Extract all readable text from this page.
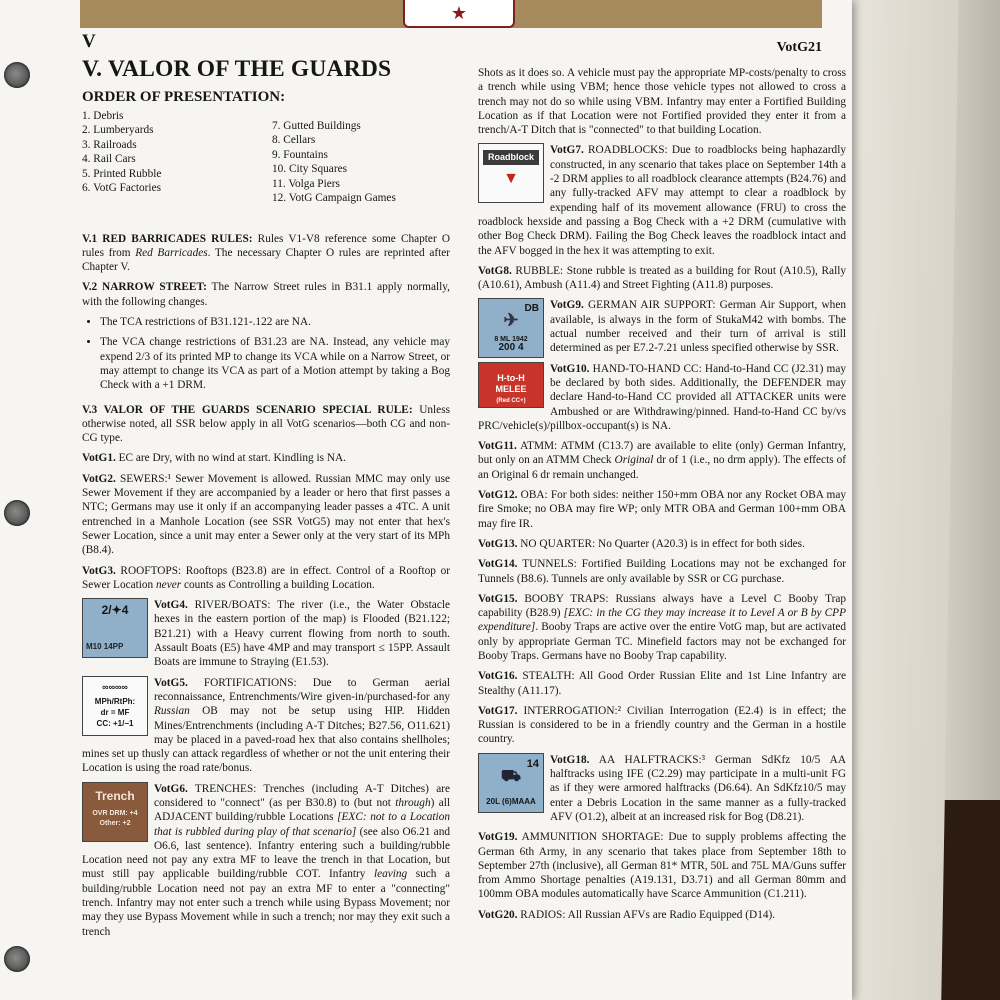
★
VotG21
V
V. VALOR OF THE GUARDS
ORDER OF PRESENTATION:
1. Debris
2. Lumberyards
3. Railroads
4. Rail Cars
5. Printed Rubble
6. VotG Factories
7. Gutted Buildings
8. Cellars
9. Fountains
10. City Squares
11. Volga Piers
12. VotG Campaign Games

V.1 RED BARRICADES RULES: Rules V1-V8 reference some Chapter O rules from Red Barricades. The necessary Chapter O rules are reprinted after Chapter V.

V.2 NARROW STREET: The Narrow Street rules in B31.1 apply normally, with the following changes.

• The TCA restrictions of B31.121-.122 are NA.
• The VCA change restrictions of B31.23 are NA. Instead, any vehicle may expend 2/3 of its printed MP to change its VCA while on a Narrow Street, or may attempt to change its VCA as part of a Motion attempt by taking a Bog Check with a +1 DRM.

V.3 VALOR OF THE GUARDS SCENARIO SPECIAL RULE: Unless otherwise noted, all SSR below apply in all VotG scenarios—both CG and non-CG type.

VotG1. EC are Dry, with no wind at start. Kindling is NA.

VotG2. SEWERS:¹ Sewer Movement is allowed. Russian MMC may only use Sewer Movement if they are accompanied by a leader or hero that first passes a NTC; Germans may use it only if an accompanying leader passes a 4TC. A unit entrenched in a Manhole Location (see SSR VotG5) may not enter that hex's Sewer Location, since a unit may enter a Sewer only at the very start of its MPh (B8.4).

VotG3. ROOFTOPS: Rooftops (B23.8) are in effect. Control of a Rooftop or Sewer Location never counts as Controlling a building Location.

2/✦4
M10 14PP
VotG4. RIVER/BOATS: The river (i.e., the Water Obstacle hexes in the eastern portion of the map) is Flooded (B21.122; B21.21) with a Heavy current flowing from north to south. Assault Boats (E5) have 4MP and may transport ≤ 15PP. Assault Boats are immune to Straying (E1.53).

∞∞∞∞
MPh/RtPh:
dr = MF
CC: +1/−1
VotG5. FORTIFICATIONS: Due to German aerial reconnaissance, Entrenchments/Wire given-in/purchased-for any Russian OB may not be setup using HIP. Hidden Mines/Entrenchments (including A-T Ditches; B27.56, O11.621) may be placed in a paved-road hex that also contains shellholes; mines set up thusly can attack regardless of whether or not the unit entering their Location is using the road rate/bonus.

Trench
OVR DRM: +4
Other: +2
VotG6. TRENCHES: Trenches (including A-T Ditches) are considered to "connect" (as per B30.8) to (but not through) all ADJACENT building/rubble Locations [EXC: not to a Location that is rubbled during play of that scenario] (see also O6.21 and O6.6, last sentence). Infantry entering such a building/rubble Location need not pay any extra MF to leave the trench in that Location, but must still pay applicable building/rubble COT. Infantry leaving such a building/rubble Location need not pay an extra MF to enter a "connecting" trench. Infantry may not enter such a trench while using Bypass Movement; nor may they use Bypass Movement while in such a trench; nor may they exit such a trench

Shots as it does so. A vehicle must pay the appropriate MP-costs/penalty to cross a trench while using VBM; hence those vehicle types not allowed to cross a trench may not do so while using VBM. Infantry may enter a Fortified Building Location as if that Location were not Fortified provided they enter it from a trench/A-T Ditch that is "connected" to that building Location.

Roadblock
▼
VotG7. ROADBLOCKS: Due to roadblocks being haphazardly constructed, in any scenario that takes place on September 14th a -2 DRM applies to all roadblock clearance attempts (B24.76) and any fully-tracked AFV may attempt to clear a roadblock by expending half of its movement allowance (FRU) to cross the roadblock hexside and passing a Bog Check with a +2 DRM (cumulative with other Bog Check DRM). Failing the Bog Check leaves the roadblock intact and the AFV bogged in the hex it was attempting to exit.

VotG8. RUBBLE: Stone rubble is treated as a building for Rout (A10.5), Rally (A10.61), Ambush (A11.4) and Street Fighting (A11.8) purposes.

DB
✈
8 ML 1942
200 4
VotG9. GERMAN AIR SUPPORT: German Air Support, when available, is always in the form of StukaM42 with bombs. The actual number received and their turn of arrival is still determined as per E7.2-7.21 unless specified otherwise by SSR.

H-to-H
MELEE
(Red CC+)
VotG10. HAND-TO-HAND CC: Hand-to-Hand CC (J2.31) may be declared by both sides. Additionally, the DEFENDER may declare Hand-to-Hand CC provided all ATTACKER units were Ambushed or are Withdrawing/pinned. Hand-to-Hand CC by/vs PRC/vehicle(s)/pillbox-occupant(s) is NA.

VotG11. ATMM: ATMM (C13.7) are available to elite (only) German Infantry, but only on an ATMM Check Original dr of 1 (i.e., no drm apply). The effects of an Original 6 dr remain unchanged.

VotG12. OBA: For both sides: neither 150+mm OBA nor any Rocket OBA may fire Smoke; no OBA may fire WP; only MTR OBA and German 100+mm OBA may fire IR.

VotG13. NO QUARTER: No Quarter (A20.3) is in effect for both sides.

VotG14. TUNNELS: Fortified Building Locations may not be exchanged for Tunnels (B8.6). Tunnels are only available by SSR or CG purchase.

VotG15. BOOBY TRAPS: Russians always have a Level C Booby Trap capability (B28.9) [EXC: in the CG they may increase it to Level A or B by CPP expenditure]. Booby Traps are active over the entire VotG map, but are activated only by appropriate German TC. Minefield factors may not be exchanged for Booby Traps. Germans have no Booby Trap capability.

VotG16. STEALTH: All Good Order Russian Elite and 1st Line Infantry are Stealthy (A11.17).

VotG17. INTERROGATION:² Civilian Interrogation (E2.4) is in effect; the Russian is considered to be in a friendly country and the German in a hostile country.

14
⛟
20L (6)MAAA
VotG18. AA HALFTRACKS:³ German SdKfz 10/5 AA halftracks using IFE (C2.29) may participate in a multi-unit FG as if they were armored halftracks (D6.64). An SdKfz10/5 may enter a Debris Location in the same manner as a fully-tracked AFV (O1.2), albeit at an increased risk for Bog (D8.21).

VotG19. AMMUNITION SHORTAGE: Due to supply problems affecting the German 6th Army, in any scenario that takes place from September 18th to September 27th (inclusive), all German 81* MTR, 50L and 75L MA/Guns suffer from Ammo Shortage penalties (A19.131, D3.71) and all German 80mm and 100mm OBA modules automatically have Scarce Ammunition (C1.211).

VotG20. RADIOS: All Russian AFVs are Radio Equipped (D14).
